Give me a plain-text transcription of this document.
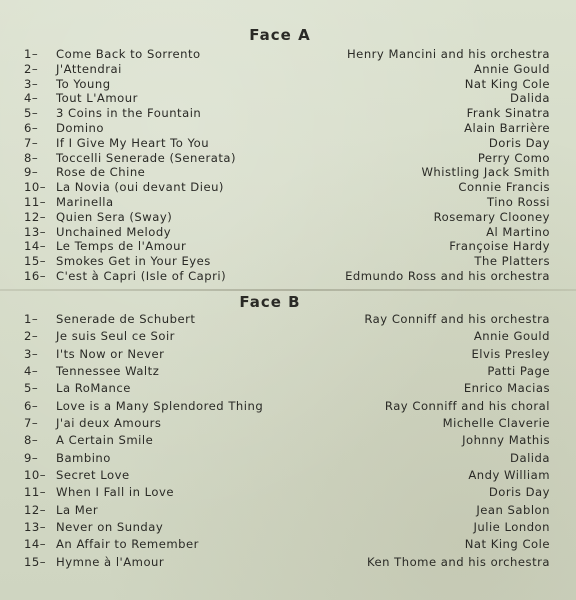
Face A
1–	Come Back to Sorrento	Henry Mancini and his orchestra
2–	J'Attendrai	Annie Gould
3–	To Young	Nat King Cole
4–	Tout L'Amour	Dalida
5–	3 Coins in the Fountain	Frank Sinatra
6–	Domino	Alain Barrière
7–	If I Give My Heart To You	Doris Day
8–	Toccelli Senerade (Senerata)	Perry Como
9–	Rose de Chine	Whistling Jack Smith
10– La Novia (oui devant Dieu)	Connie Francis
11– Marinella	Tino Rossi
12– Quien Sera (Sway)	Rosemary Clooney
13– Unchained Melody	Al Martino
14– Le Temps de l'Amour	Françoise Hardy
15– Smokes Get in Your Eyes	The Platters
16– C'est à Capri (Isle of Capri)	Edmundo Ross and his orchestra
Face B
1–	Senerade de Schubert	Ray Conniff and his orchestra
2–	Je suis Seul ce Soir	Annie Gould
3–	I'ts Now or Never	Elvis Presley
4–	Tennessee Waltz	Patti Page
5–	La RoMance	Enrico Macias
6–	Love is a Many Splendored Thing	Ray Conniff and his choral
7–	J'ai deux Amours	Michelle Claverie
8–	A Certain Smile	Johnny Mathis
9–	Bambino	Dalida
10– Secret Love	Andy William
11– When I Fall in Love	Doris Day
12– La Mer	Jean Sablon
13– Never on Sunday	Julie London
14– An Affair to Remember	Nat King Cole
15– Hymne à l'Amour	Ken Thome and his orchestra
